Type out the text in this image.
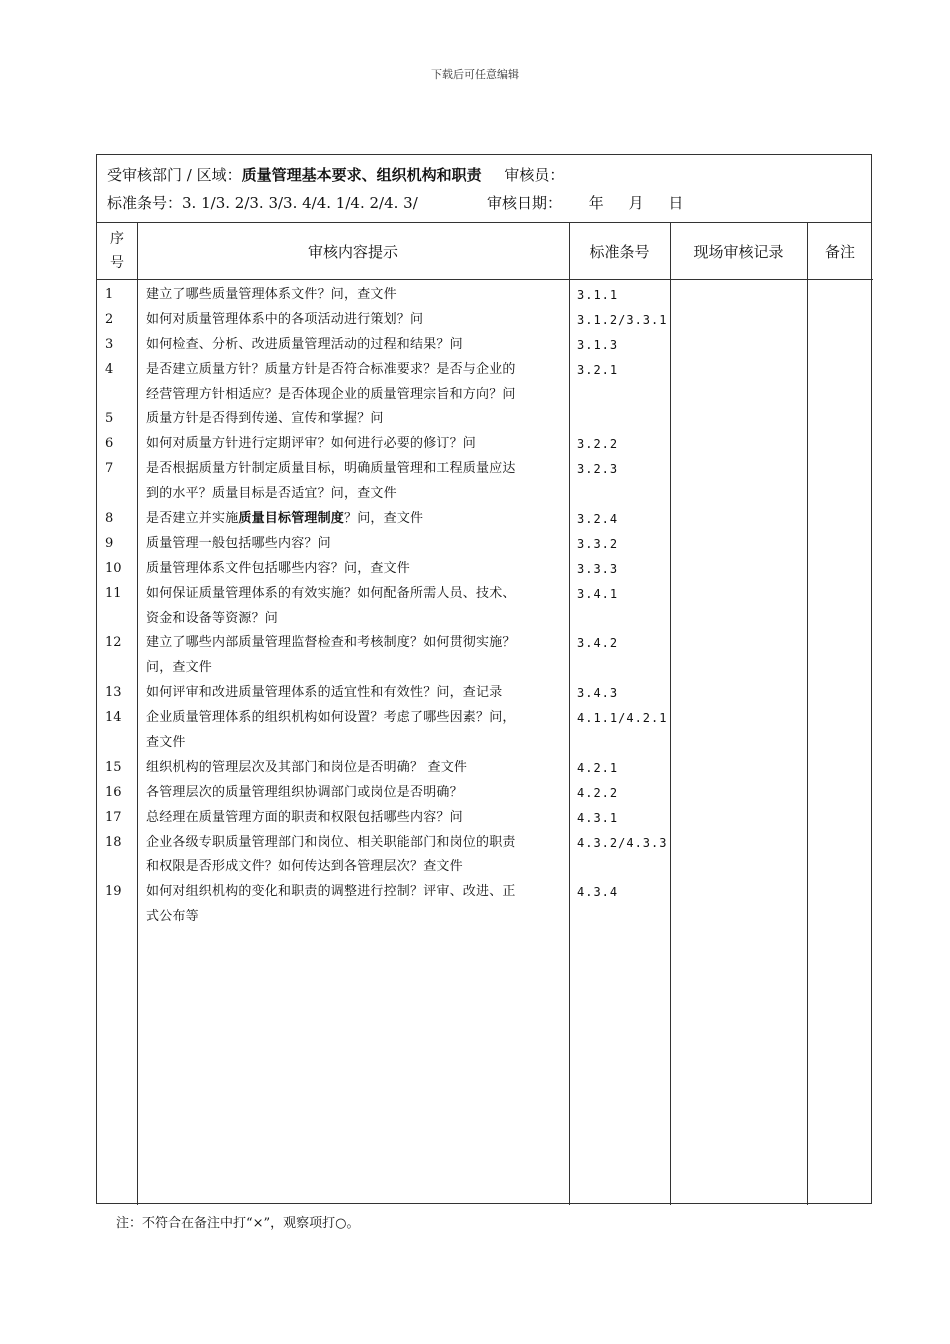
下载后可任意编辑
受审核部门 / 区域：质量管理基本要求、组织机构和职责 审核员：
标准条号：3. 1/3. 2/3. 3/3. 4/4. 1/4. 2/4. 3/	审核日期： 年 月 日
序号
审核内容提示	标准条号	现场审核记录	备注
1	建立了哪些质量管理体系文件？问，查文件	3.1.1
2	如何对质量管理体系中的各项活动进行策划？问	3.1.2/3.3.1
3	如何检查、分析、改进质量管理活动的过程和结果？问	3.1.3
4	是否建立质量方针？质量方针是否符合标准要求？是否与企业的	3.2.1
经营管理方针相适应？是否体现企业的质量管理宗旨和方向？问
5	质量方针是否得到传递、宣传和掌握？问
6	如何对质量方针进行定期评审？如何进行必要的修订？问	3.2.2
7	是否根据质量方针制定质量目标，明确质量管理和工程质量应达	3.2.3
到的水平？质量目标是否适宜？问，查文件
8	是否建立并实施质量目标管理制度？问，查文件	3.2.4
9	质量管理一般包括哪些内容？问	3.3.2
10 质量管理体系文件包括哪些内容？问，查文件	3.3.3
11 如何保证质量管理体系的有效实施？如何配备所需人员、技术、	3.4.1
资金和设备等资源？问
12 建立了哪些内部质量管理监督检查和考核制度？如何贯彻实施？	3.4.2
问，查文件
13 如何评审和改进质量管理体系的适宜性和有效性？问，查记录	3.4.3
14 企业质量管理体系的组织机构如何设置？考虑了哪些因素？问，	4.1.1/4.2.1
查文件
15 组织机构的管理层次及其部门和岗位是否明确？ 查文件	4.2.1
16 各管理层次的质量管理组织协调部门或岗位是否明确？	4.2.2
17 总经理在质量管理方面的职责和权限包括哪些内容？问	4.3.1
18 企业各级专职质量管理部门和岗位、相关职能部门和岗位的职责	4.3.2/4.3.3
和权限是否形成文件？如何传达到各管理层次？查文件
19 如何对组织机构的变化和职责的调整进行控制？评审、改进、正	4.3.4
式公布等
注：不符合在备注中打“×”，观察项打○。
